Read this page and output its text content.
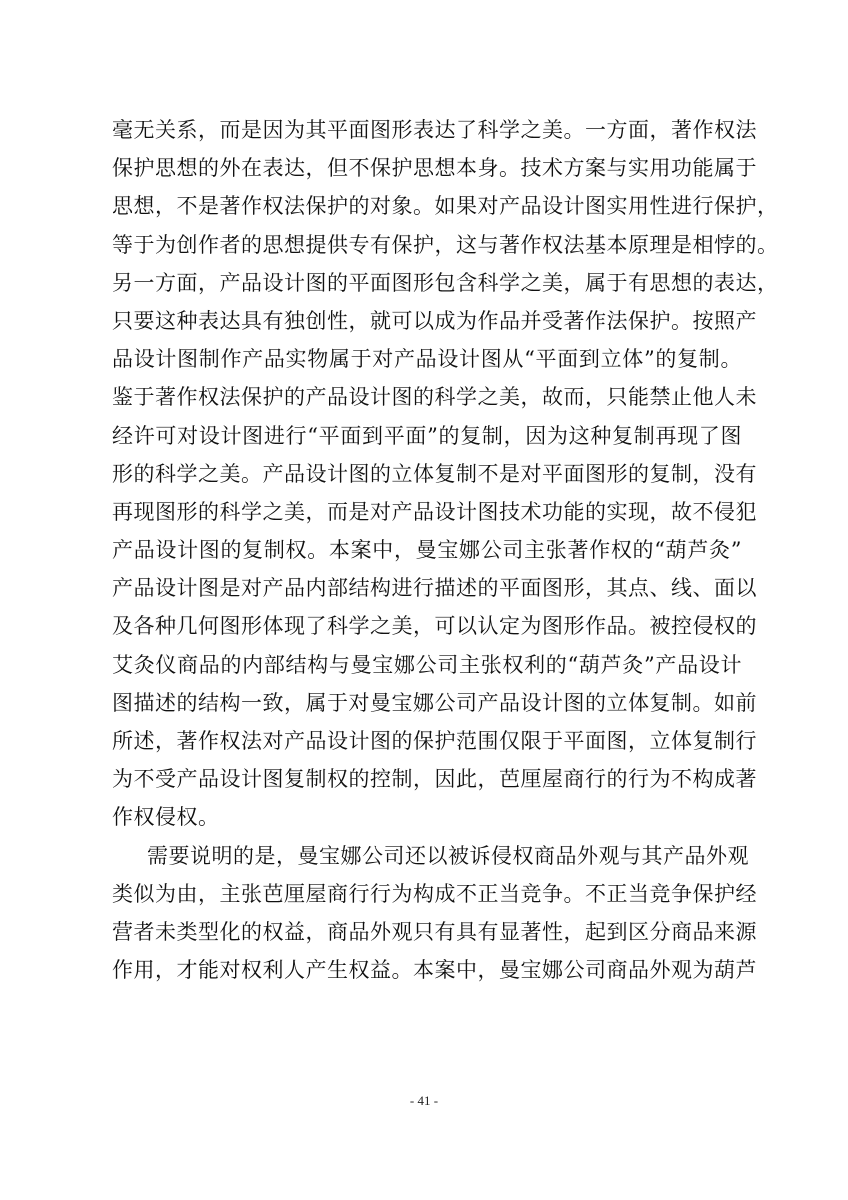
毫无关系，而是因为其平面图形表达了科学之美。一方面，著作权法
保护思想的外在表达，但不保护思想本身。技术方案与实用功能属于
思想，不是著作权法保护的对象。如果对产品设计图实用性进行保护，
等于为创作者的思想提供专有保护，这与著作权法基本原理是相悖的。
另一方面，产品设计图的平面图形包含科学之美，属于有思想的表达，
只要这种表达具有独创性，就可以成为作品并受著作法保护。按照产
品设计图制作产品实物属于对产品设计图从“平面到立体”的复制。
鉴于著作权法保护的产品设计图的科学之美，故而，只能禁止他人未
经许可对设计图进行“平面到平面”的复制，因为这种复制再现了图
形的科学之美。产品设计图的立体复制不是对平面图形的复制，没有
再现图形的科学之美，而是对产品设计图技术功能的实现，故不侵犯
产品设计图的复制权。本案中，曼宝娜公司主张著作权的“葫芦灸”
产品设计图是对产品内部结构进行描述的平面图形，其点、线、面以
及各种几何图形体现了科学之美，可以认定为图形作品。被控侵权的
艾灸仪商品的内部结构与曼宝娜公司主张权利的“葫芦灸”产品设计
图描述的结构一致，属于对曼宝娜公司产品设计图的立体复制。如前
所述，著作权法对产品设计图的保护范围仅限于平面图，立体复制行
为不受产品设计图复制权的控制，因此，芭厘屋商行的行为不构成著
作权侵权。
需要说明的是，曼宝娜公司还以被诉侵权商品外观与其产品外观
类似为由，主张芭厘屋商行行为构成不正当竞争。不正当竞争保护经
营者未类型化的权益，商品外观只有具有显著性，起到区分商品来源
作用，才能对权利人产生权益。本案中，曼宝娜公司商品外观为葫芦
- 41 -
